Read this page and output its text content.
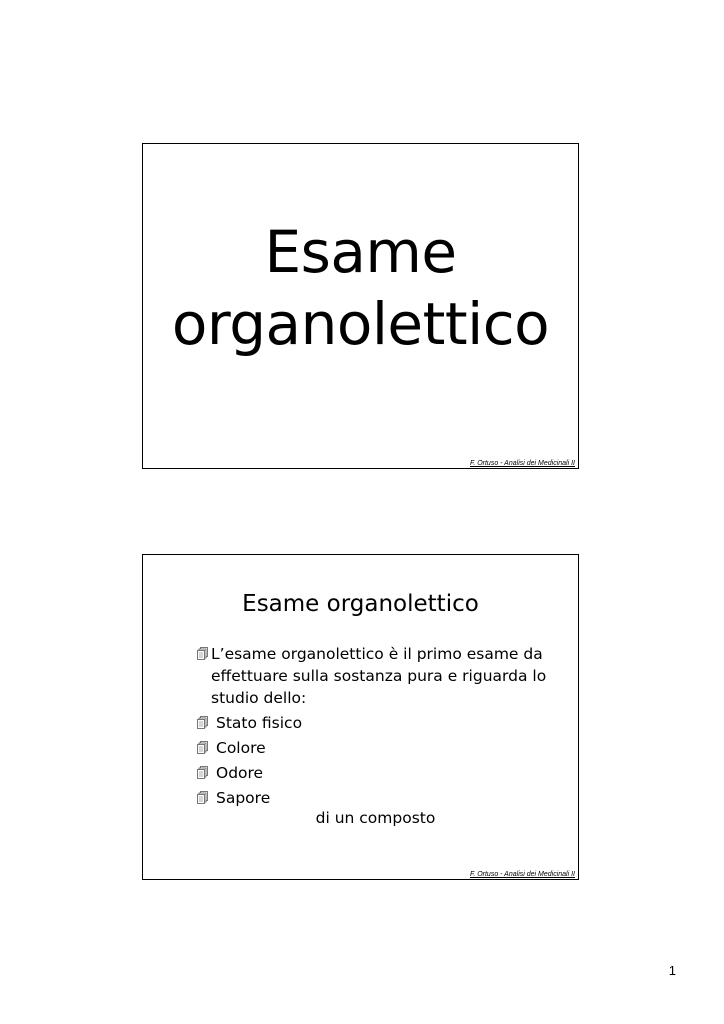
Esame
organolettico
F. Ortuso - Analisi dei Medicinali II
Esame organolettico
L’esame organolettico è il primo esame da effettuare sulla sostanza pura e riguarda lo studio dello:
Stato fisico
Colore
Odore
Sapore
di un composto
F. Ortuso - Analisi dei Medicinali II
1
